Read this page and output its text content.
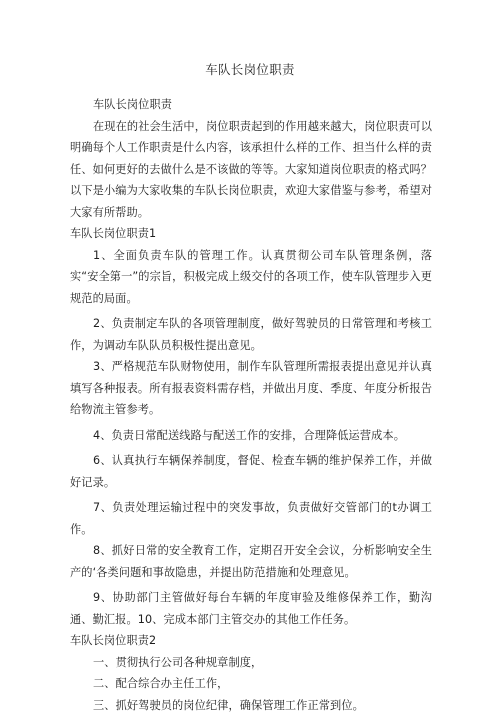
车队长岗位职责

车队长岗位职责

在现在的社会生活中，岗位职责起到的作用越来越大，岗位职责可以明确每个人工作职责是什么内容，该承担什么样的工作、担当什么样的责任、如何更好的去做什么是不该做的等等。大家知道岗位职责的格式吗？以下是小编为大家收集的车队长岗位职责，欢迎大家借鉴与参考，希望对大家有所帮助。

车队长岗位职责1

1、全面负责车队的管理工作。认真贯彻公司车队管理条例，落实“安全第一”的宗旨，积极完成上级交付的各项工作，使车队管理步入更规范的局面。

2、负责制定车队的各项管理制度，做好驾驶员的日常管理和考核工作，为调动车队队员积极性提出意见。

3、严格规范车队财物使用，制作车队管理所需报表提出意见并认真填写各种报表。所有报表资料需存档，并做出月度、季度、年度分析报告给物流主管参考。

4、负责日常配送线路与配送工作的安排，合理降低运营成本。

6、认真执行车辆保养制度，督促、检查车辆的维护保养工作，并做好记录。

7、负责处理运输过程中的突发事故，负责做好交管部门的t办调工作。

8、抓好日常的安全教育工作，定期召开安全会议，分析影响安全生产的‘各类问题和事故隐患，并提出防范措施和处理意见。

9、协助部门主管做好每台车辆的年度审验及维修保养工作，勤沟通、勤汇报。10、完成本部门主管交办的其他工作任务。

车队长岗位职责2

一、贯彻执行公司各种规章制度，

二、配合综合办主任工作，

三、抓好驾驶员的岗位纪律，确保管理工作正常到位。
